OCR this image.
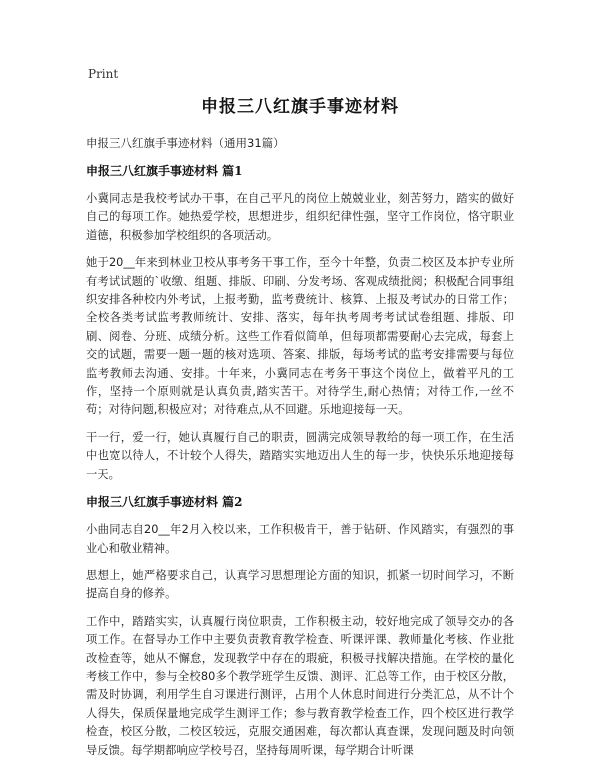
Print
申报三八红旗手事迹材料

申报三八红旗手事迹材料（通用31篇）

申报三八红旗手事迹材料 篇1

小冀同志是我校考试办干事，在自己平凡的岗位上兢兢业业，刻苦努力，踏实的做好自己的每项工作。她热爱学校，思想进步，组织纪律性强，坚守工作岗位，恪守职业道德，积极参加学校组织的各项活动。

她于20__年来到林业卫校从事考务干事工作，至今十年整，负责二校区及本护专业所有考试试题的`收缴、组题、排版、印刷、分发考场、客观成绩批阅；积极配合同事组织安排各种校内外考试，上报考勤，监考费统计、核算、上报及考试办的日常工作；全校各类考试监考教师统计、安排、落实，每年执考周考考试试卷组题、排版、印刷、阅卷、分班、成绩分析。这些工作看似简单，但每项都需要耐心去完成，每套上交的试题，需要一题一题的核对选项、答案、排版，每场考试的监考安排需要与每位监考教师去沟通、安排。十年来，小冀同志在考务干事这个岗位上，做着平凡的工作，坚持一个原则就是认真负责,踏实苦干。对待学生,耐心热情；对待工作,一丝不苟；对待问题,积极应对；对待难点,从不回避。乐地迎接每一天。

干一行，爱一行，她认真履行自己的职责，圆满完成领导教给的每一项工作，在生活中也宽以待人，不计较个人得失，踏踏实实地迈出人生的每一步，快快乐乐地迎接每一天。

申报三八红旗手事迹材料 篇2

小曲同志自20__年2月入校以来，工作积极肯干，善于钻研、作风踏实，有强烈的事业心和敬业精神。

思想上，她严格要求自己，认真学习思想理论方面的知识，抓紧一切时间学习，不断提高自身的修养。

工作中，踏踏实实，认真履行岗位职责，工作积极主动，较好地完成了领导交办的各项工作。在督导办工作中主要负责教育教学检查、听课评课、教师量化考核、作业批改检查等，她从不懈怠，发现教学中存在的瑕疵，积极寻找解决措施。在学校的量化考核工作中，参与全校80多个教学班学生反馈、测评、汇总等工作，由于校区分散，需及时协调，利用学生自习课进行测评，占用个人休息时间进行分类汇总，从不计个人得失，保质保量地完成学生测评工作；参与教育教学检查工作，四个校区进行教学检查，校区分散，二校区较远，克服交通困难，每次都认真查课，发现问题及时向领导反馈。每学期都响应学校号召，坚持每周听课，每学期合计听课
